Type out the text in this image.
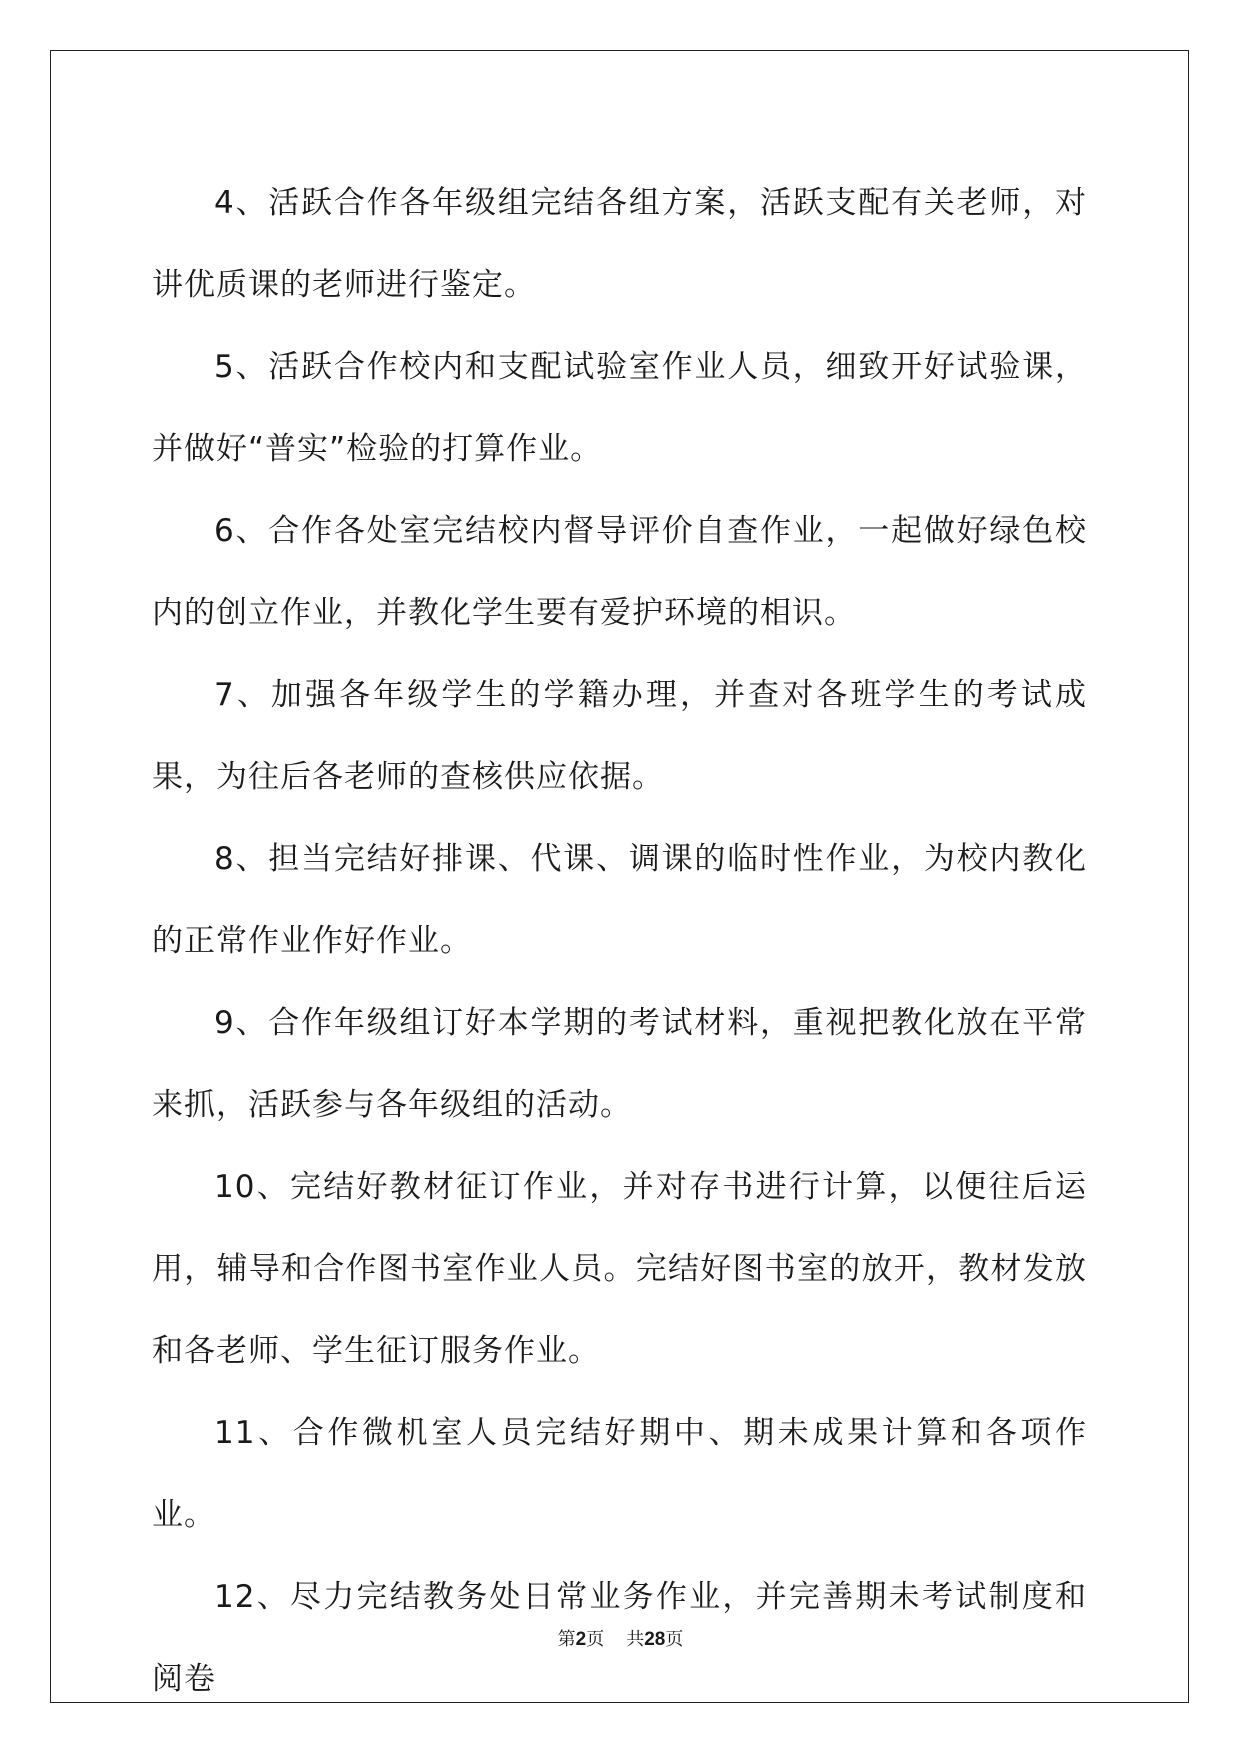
4、活跃合作各年级组完结各组方案，活跃支配有关老师，对讲优质课的老师进行鉴定。

5、活跃合作校内和支配试验室作业人员，细致开好试验课，并做好“普实”检验的打算作业。

6、合作各处室完结校内督导评价自查作业，一起做好绿色校内的创立作业，并教化学生要有爱护环境的相识。

7、加强各年级学生的学籍办理，并查对各班学生的考试成果，为往后各老师的查核供应依据。

8、担当完结好排课、代课、调课的临时性作业，为校内教化的正常作业作好作业。

9、合作年级组订好本学期的考试材料，重视把教化放在平常来抓，活跃参与各年级组的活动。

10、完结好教材征订作业，并对存书进行计算，以便往后运用，辅导和合作图书室作业人员。完结好图书室的放开，教材发放和各老师、学生征订服务作业。

11、合作微机室人员完结好期中、期未成果计算和各项作业。

12、尽力完结教务处日常业务作业，并完善期未考试制度和阅卷

第2页 共28页
